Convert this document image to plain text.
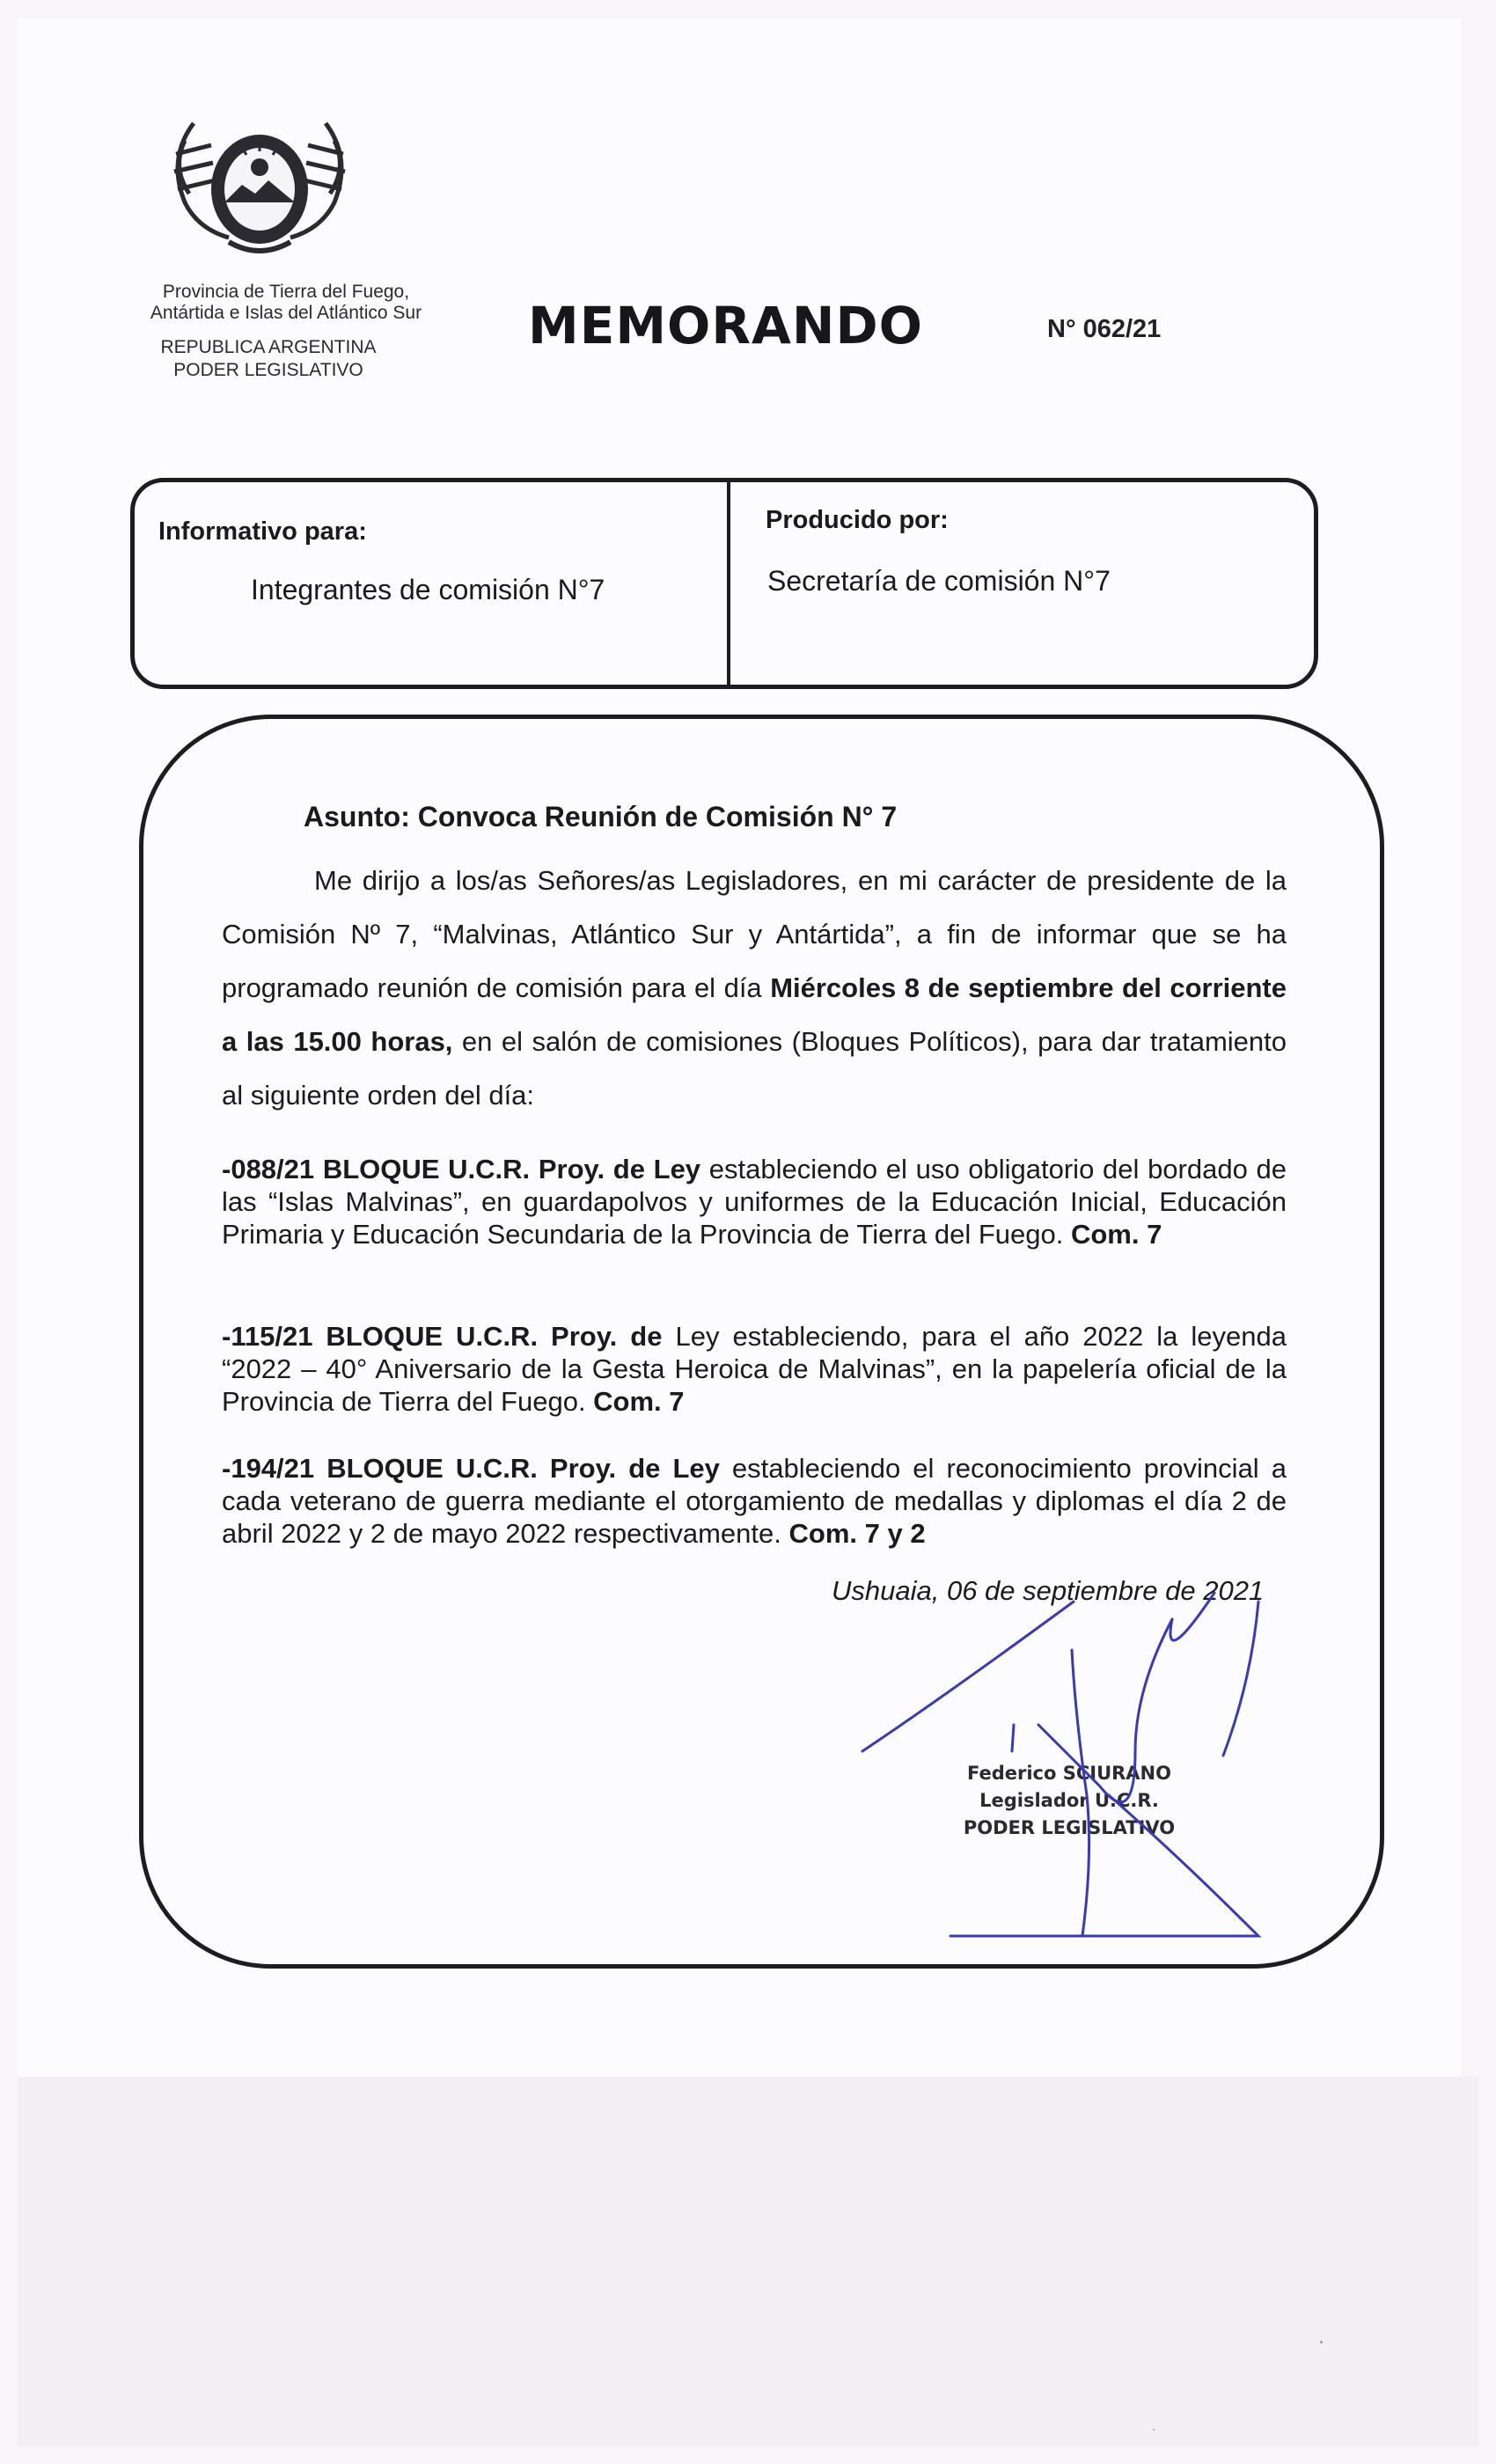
Provincia de Tierra del Fuego,
Antártida e Islas del Atlántico Sur
REPUBLICA ARGENTINA
PODER LEGISLATIVO
MEMORANDO	N° 062/21
Informativo para:
Integrantes de comisión N°7
Producido por:
Secretaría de comisión N°7
Asunto: Convoca Reunión de Comisión N° 7
Me dirijo a los/as Señores/as Legisladores, en mi carácter de presidente de la Comisión Nº 7, “Malvinas, Atlántico Sur y Antártida”, a fin de informar que se ha programado reunión de comisión para el día Miércoles 8 de septiembre del corriente a las 15.00 horas, en el salón de comisiones (Bloques Políticos), para dar tratamiento al siguiente orden del día:
-088/21 BLOQUE U.C.R. Proy. de Ley estableciendo el uso obligatorio del bordado de las “Islas Malvinas”, en guardapolvos y uniformes de la Educación Inicial, Educación Primaria y Educación Secundaria de la Provincia de Tierra del Fuego. Com. 7
-115/21 BLOQUE U.C.R. Proy. de Ley estableciendo, para el año 2022 la leyenda “2022 – 40° Aniversario de la Gesta Heroica de Malvinas”, en la papelería oficial de la Provincia de Tierra del Fuego. Com. 7
-194/21 BLOQUE U.C.R. Proy. de Ley estableciendo el reconocimiento provincial a cada veterano de guerra mediante el otorgamiento de medallas y diplomas el día 2 de abril 2022 y 2 de mayo 2022 respectivamente. Com. 7 y 2
Ushuaia, 06 de septiembre de 2021
Federico SCIURANO
Legislador U.C.R.
PODER LEGISLATIVO
